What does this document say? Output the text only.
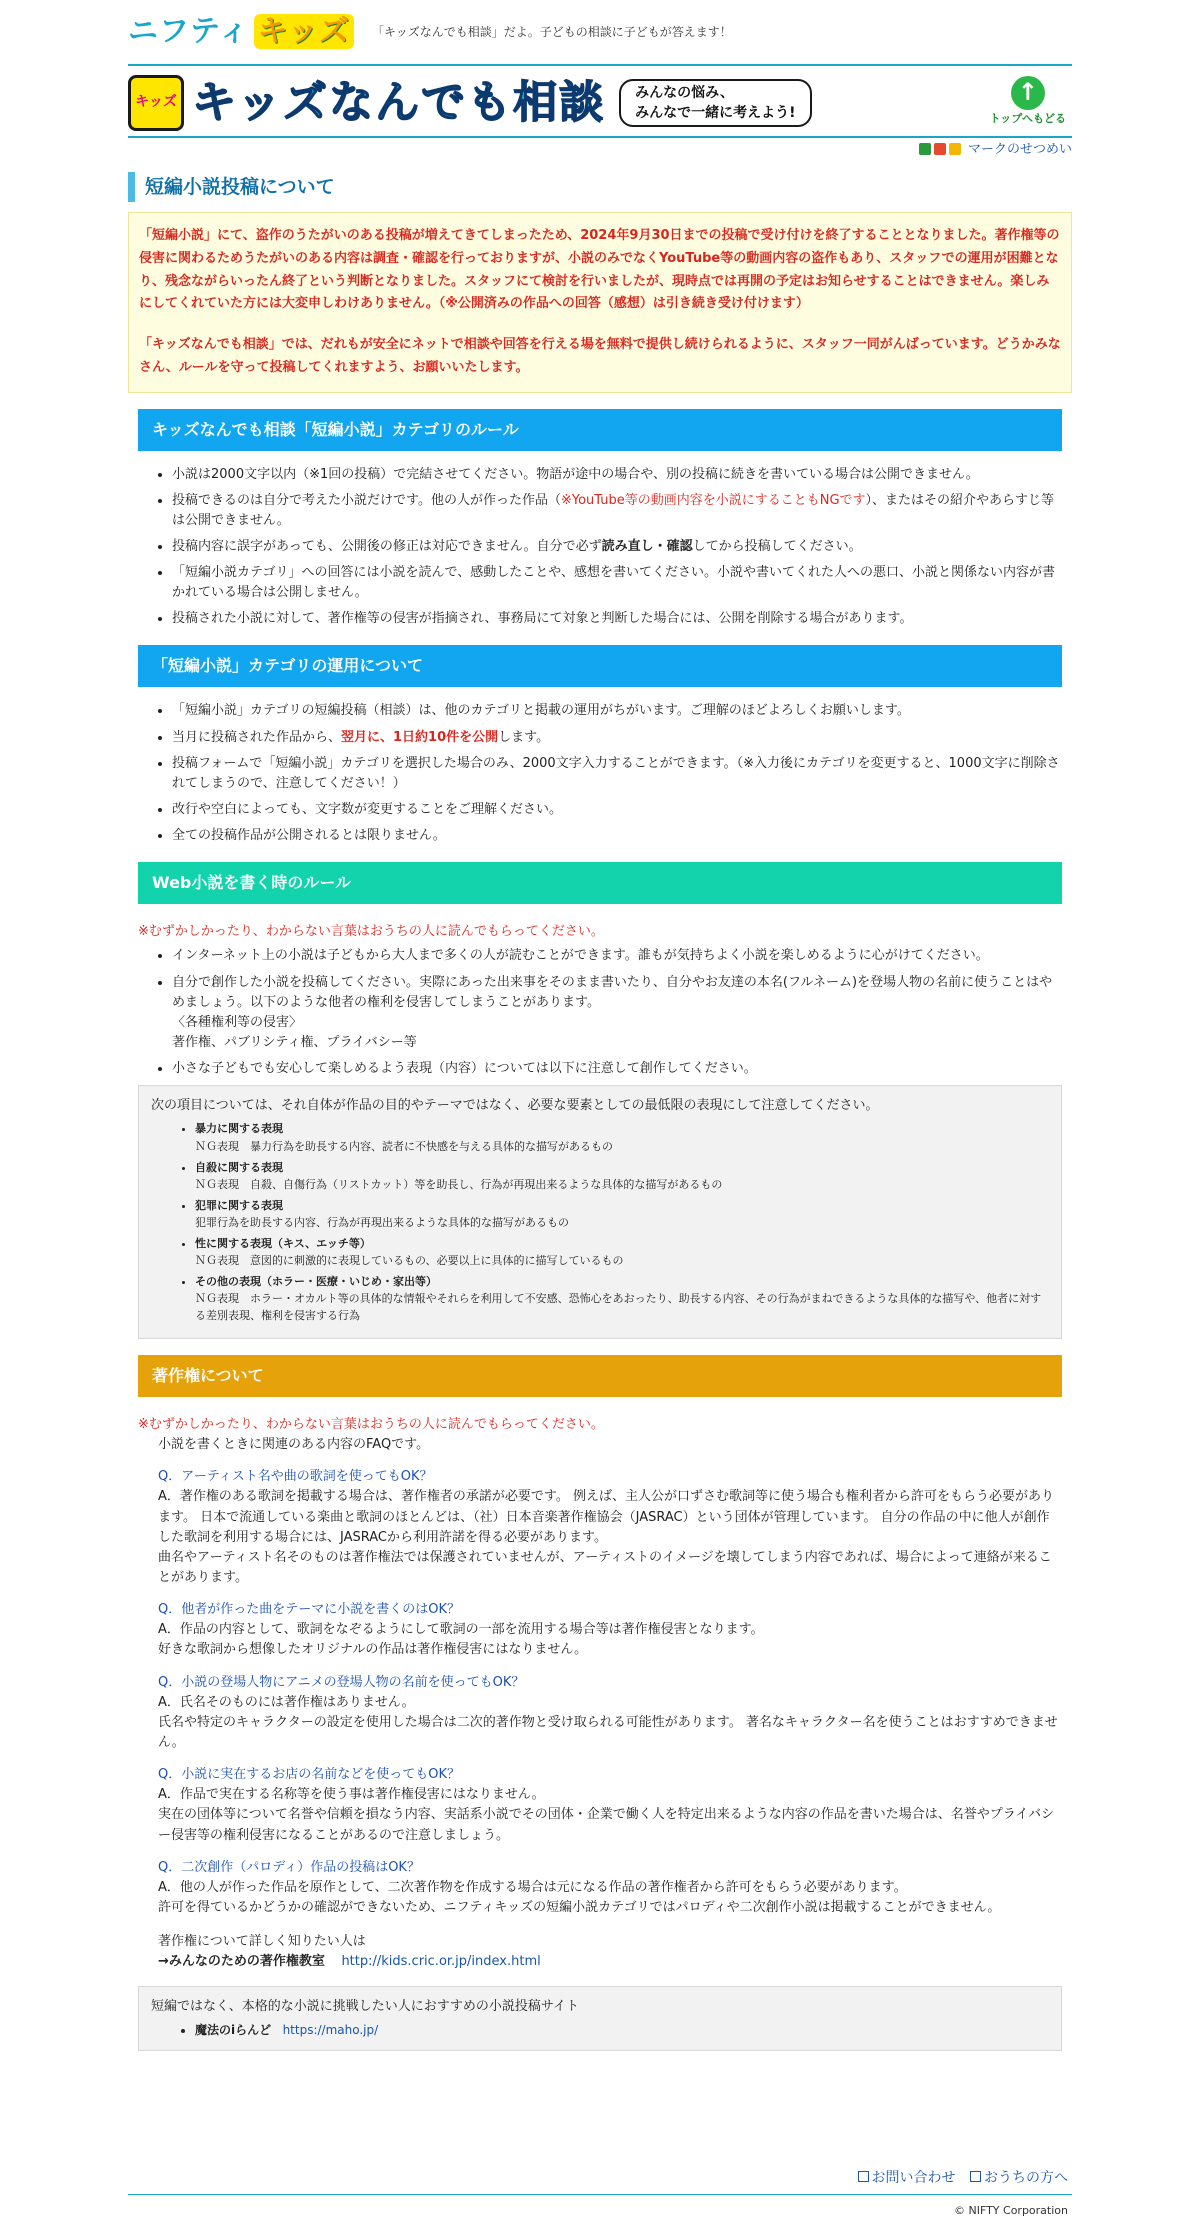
ニフティ キッズ	「キッズなんでも相談」だよ。子どもの相談に子どもが答えます！
キッズ キッズなんでも相談 みんなの悩み、
みんなで一緒に考えよう!
↑
トップへもどる
マークのせつめい
短編小説投稿について

「短編小説」にて、盗作のうたがいのある投稿が増えてきてしまったため、2024年9月30日までの投稿で受け付けを終了することとなりました。著作権等の侵害に関わるためうたがいのある内容は調査・確認を行っておりますが、小説のみでなくYouTube等の動画内容の盗作もあり、スタッフでの運用が困難となり、残念ながらいったん終了という判断となりました。スタッフにて検討を行いましたが、現時点では再開の予定はお知らせすることはできません。楽しみにしてくれていた方には大変申しわけありません。（※公開済みの作品への回答（感想）は引き続き受け付けます）

「キッズなんでも相談」では、だれもが安全にネットで相談や回答を行える場を無料で提供し続けられるように、スタッフ一同がんばっています。どうかみなさん、ルールを守って投稿してくれますよう、お願いいたします。

キッズなんでも相談「短編小説」カテゴリのルール
• 小説は2000文字以内（※1回の投稿）で完結させてください。物語が途中の場合や、別の投稿に続きを書いている場合は公開できません。
• 投稿できるのは自分で考えた小説だけです。他の人が作った作品（※YouTube等の動画内容を小説にすることもNGです）、またはその紹介やあらすじ等は公開できません。
• 投稿内容に誤字があっても、公開後の修正は対応できません。自分で必ず読み直し・確認してから投稿してください。
• 「短編小説カテゴリ」への回答には小説を読んで、感動したことや、感想を書いてください。小説や書いてくれた人への悪口、小説と関係ない内容が書かれている場合は公開しません。
• 投稿された小説に対して、著作権等の侵害が指摘され、事務局にて対象と判断した場合には、公開を削除する場合があります。
「短編小説」カテゴリの運用について
• 「短編小説」カテゴリの短編投稿（相談）は、他のカテゴリと掲載の運用がちがいます。ご理解のほどよろしくお願いします。
• 当月に投稿された作品から、翌月に、1日約10件を公開します。
• 投稿フォームで「短編小説」カテゴリを選択した場合のみ、2000文字入力することができます。（※入力後にカテゴリを変更すると、1000文字に削除されてしまうので、注意してください！）
• 改行や空白によっても、文字数が変更することをご理解ください。
• 全ての投稿作品が公開されるとは限りません。
Web小説を書く時のルール
※むずかしかったり、わからない言葉はおうちの人に読んでもらってください。
• インターネット上の小説は子どもから大人まで多くの人が読むことができます。誰もが気持ちよく小説を楽しめるように心がけてください。
• 自分で創作した小説を投稿してください。実際にあった出来事をそのまま書いたり、自分やお友達の本名(フルネーム)を登場人物の名前に使うことはやめましょう。以下のような他者の権利を侵害してしまうことがあります。
〈各種権利等の侵害〉
著作権、パブリシティ権、プライバシー等
• 小さな子どもでも安心して楽しめるよう表現（内容）については以下に注意して創作してください。
次の項目については、それ自体が作品の目的やテーマではなく、必要な要素としての最低限の表現にして注意してください。
• 暴力に関する表現
ＮＧ表現　暴力行為を助長する内容、読者に不快感を与える具体的な描写があるもの
• 自殺に関する表現
ＮＧ表現　自殺、自傷行為（リストカット）等を助長し、行為が再現出来るような具体的な描写があるもの
• 犯罪に関する表現
犯罪行為を助長する内容、行為が再現出来るような具体的な描写があるもの
• 性に関する表現（キス、エッチ等）
ＮＧ表現　意図的に刺激的に表現しているもの、必要以上に具体的に描写しているもの
• その他の表現（ホラー・医療・いじめ・家出等）
ＮＧ表現　ホラー・オカルト等の具体的な情報やそれらを利用して不安感、恐怖心をあおったり、助長する内容、その行為がまねできるような具体的な描写や、他者に対する差別表現、権利を侵害する行為
著作権について
※むずかしかったり、わからない言葉はおうちの人に読んでもらってください。
小説を書くときに関連のある内容のFAQです。

Q．アーティスト名や曲の歌詞を使ってもOK？

A．著作権のある歌詞を掲載する場合は、著作権者の承諾が必要です。 例えば、主人公が口ずさむ歌詞等に使う場合も権利者から許可をもらう必要があります。 日本で流通している楽曲と歌詞のほとんどは、（社）日本音楽著作権協会（JASRAC）という団体が管理しています。 自分の作品の中に他人が創作した歌詞を利用する場合には、JASRACから利用許諾を得る必要があります。

曲名やアーティスト名そのものは著作権法では保護されていませんが、アーティストのイメージを壊してしまう内容であれば、場合によって連絡が来ることがあります。

Q．他者が作った曲をテーマに小説を書くのはOK？

A．作品の内容として、歌詞をなぞるようにして歌詞の一部を流用する場合等は著作権侵害となります。

好きな歌詞から想像したオリジナルの作品は著作権侵害にはなりません。

Q．小説の登場人物にアニメの登場人物の名前を使ってもOK？

A．氏名そのものには著作権はありません。

氏名や特定のキャラクターの設定を使用した場合は二次的著作物と受け取られる可能性があります。 著名なキャラクター名を使うことはおすすめできません。

Q．小説に実在するお店の名前などを使ってもOK？

A．作品で実在する名称等を使う事は著作権侵害にはなりません。

実在の団体等について名誉や信頼を損なう内容、実話系小説でその団体・企業で働く人を特定出来るような内容の作品を書いた場合は、名誉やプライバシー侵害等の権利侵害になることがあるので注意しましょう。

Q．二次創作（パロディ）作品の投稿はOK？

A．他の人が作った作品を原作として、二次著作物を作成する場合は元になる作品の著作権者から許可をもらう必要があります。

許可を得ているかどうかの確認ができないため、ニフティキッズの短編小説カテゴリではパロディや二次創作小説は掲載することができません。

著作権について詳しく知りたい人は
→みんなのための著作権教室 http://kids.cric.or.jp/index.html
短編ではなく、本格的な小説に挑戦したい人におすすめの小説投稿サイト
• 魔法のiらんど https://maho.jp/
お問い合わせ おうちの方へ
© NIFTY Corporation
